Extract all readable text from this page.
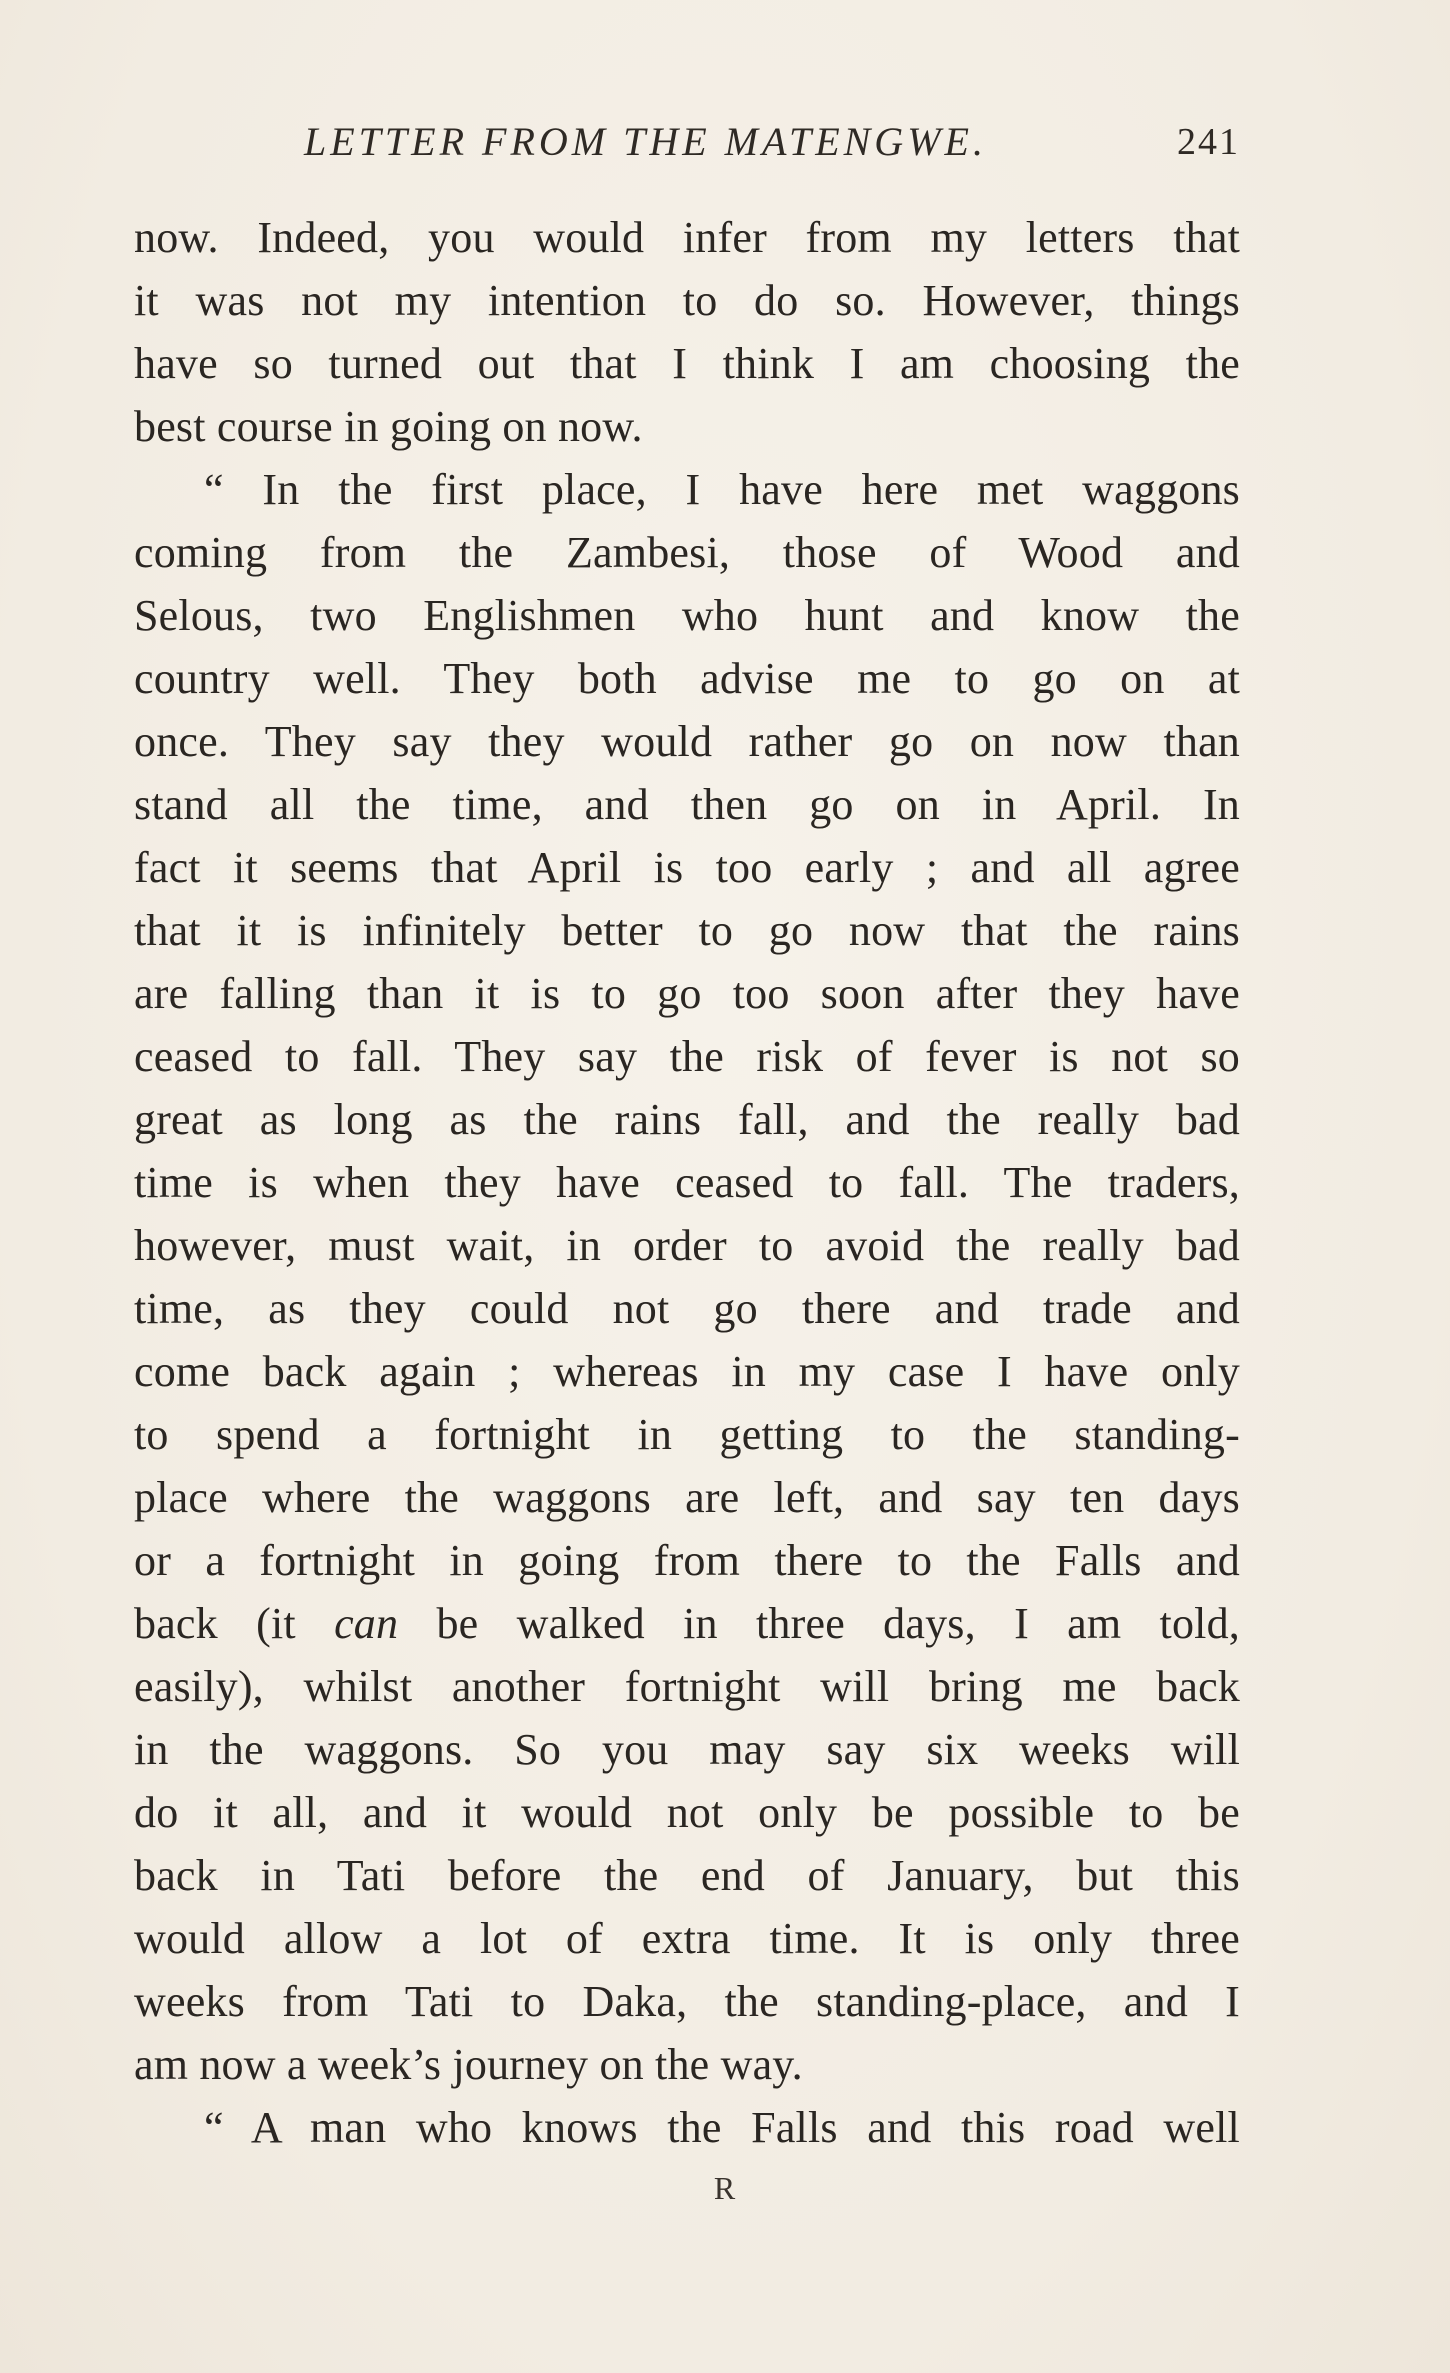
LETTER FROM THE MATENGWE.	241
now. Indeed, you would infer from my letters that
it was not my intention to do so. However, things
have so turned out that I think I am choosing the
best course in going on now.
“ In the first place, I have here met waggons
coming from the Zambesi, those of Wood and
Selous, two Englishmen who hunt and know the
country well. They both advise me to go on at
once. They say they would rather go on now than
stand all the time, and then go on in April. In
fact it seems that April is too early ; and all agree
that it is infinitely better to go now that the rains
are falling than it is to go too soon after they have
ceased to fall. They say the risk of fever is not so
great as long as the rains fall, and the really bad
time is when they have ceased to fall. The traders,
however, must wait, in order to avoid the really bad
time, as they could not go there and trade and
come back again ; whereas in my case I have only
to spend a fortnight in getting to the standing-
place where the waggons are left, and say ten days
or a fortnight in going from there to the Falls and
back (it can be walked in three days, I am told,
easily), whilst another fortnight will bring me back
in the waggons. So you may say six weeks will
do it all, and it would not only be possible to be
back in Tati before the end of January, but this
would allow a lot of extra time. It is only three
weeks from Tati to Daka, the standing-place, and I
am now a week’s journey on the way.
“ A man who knows the Falls and this road well
R
